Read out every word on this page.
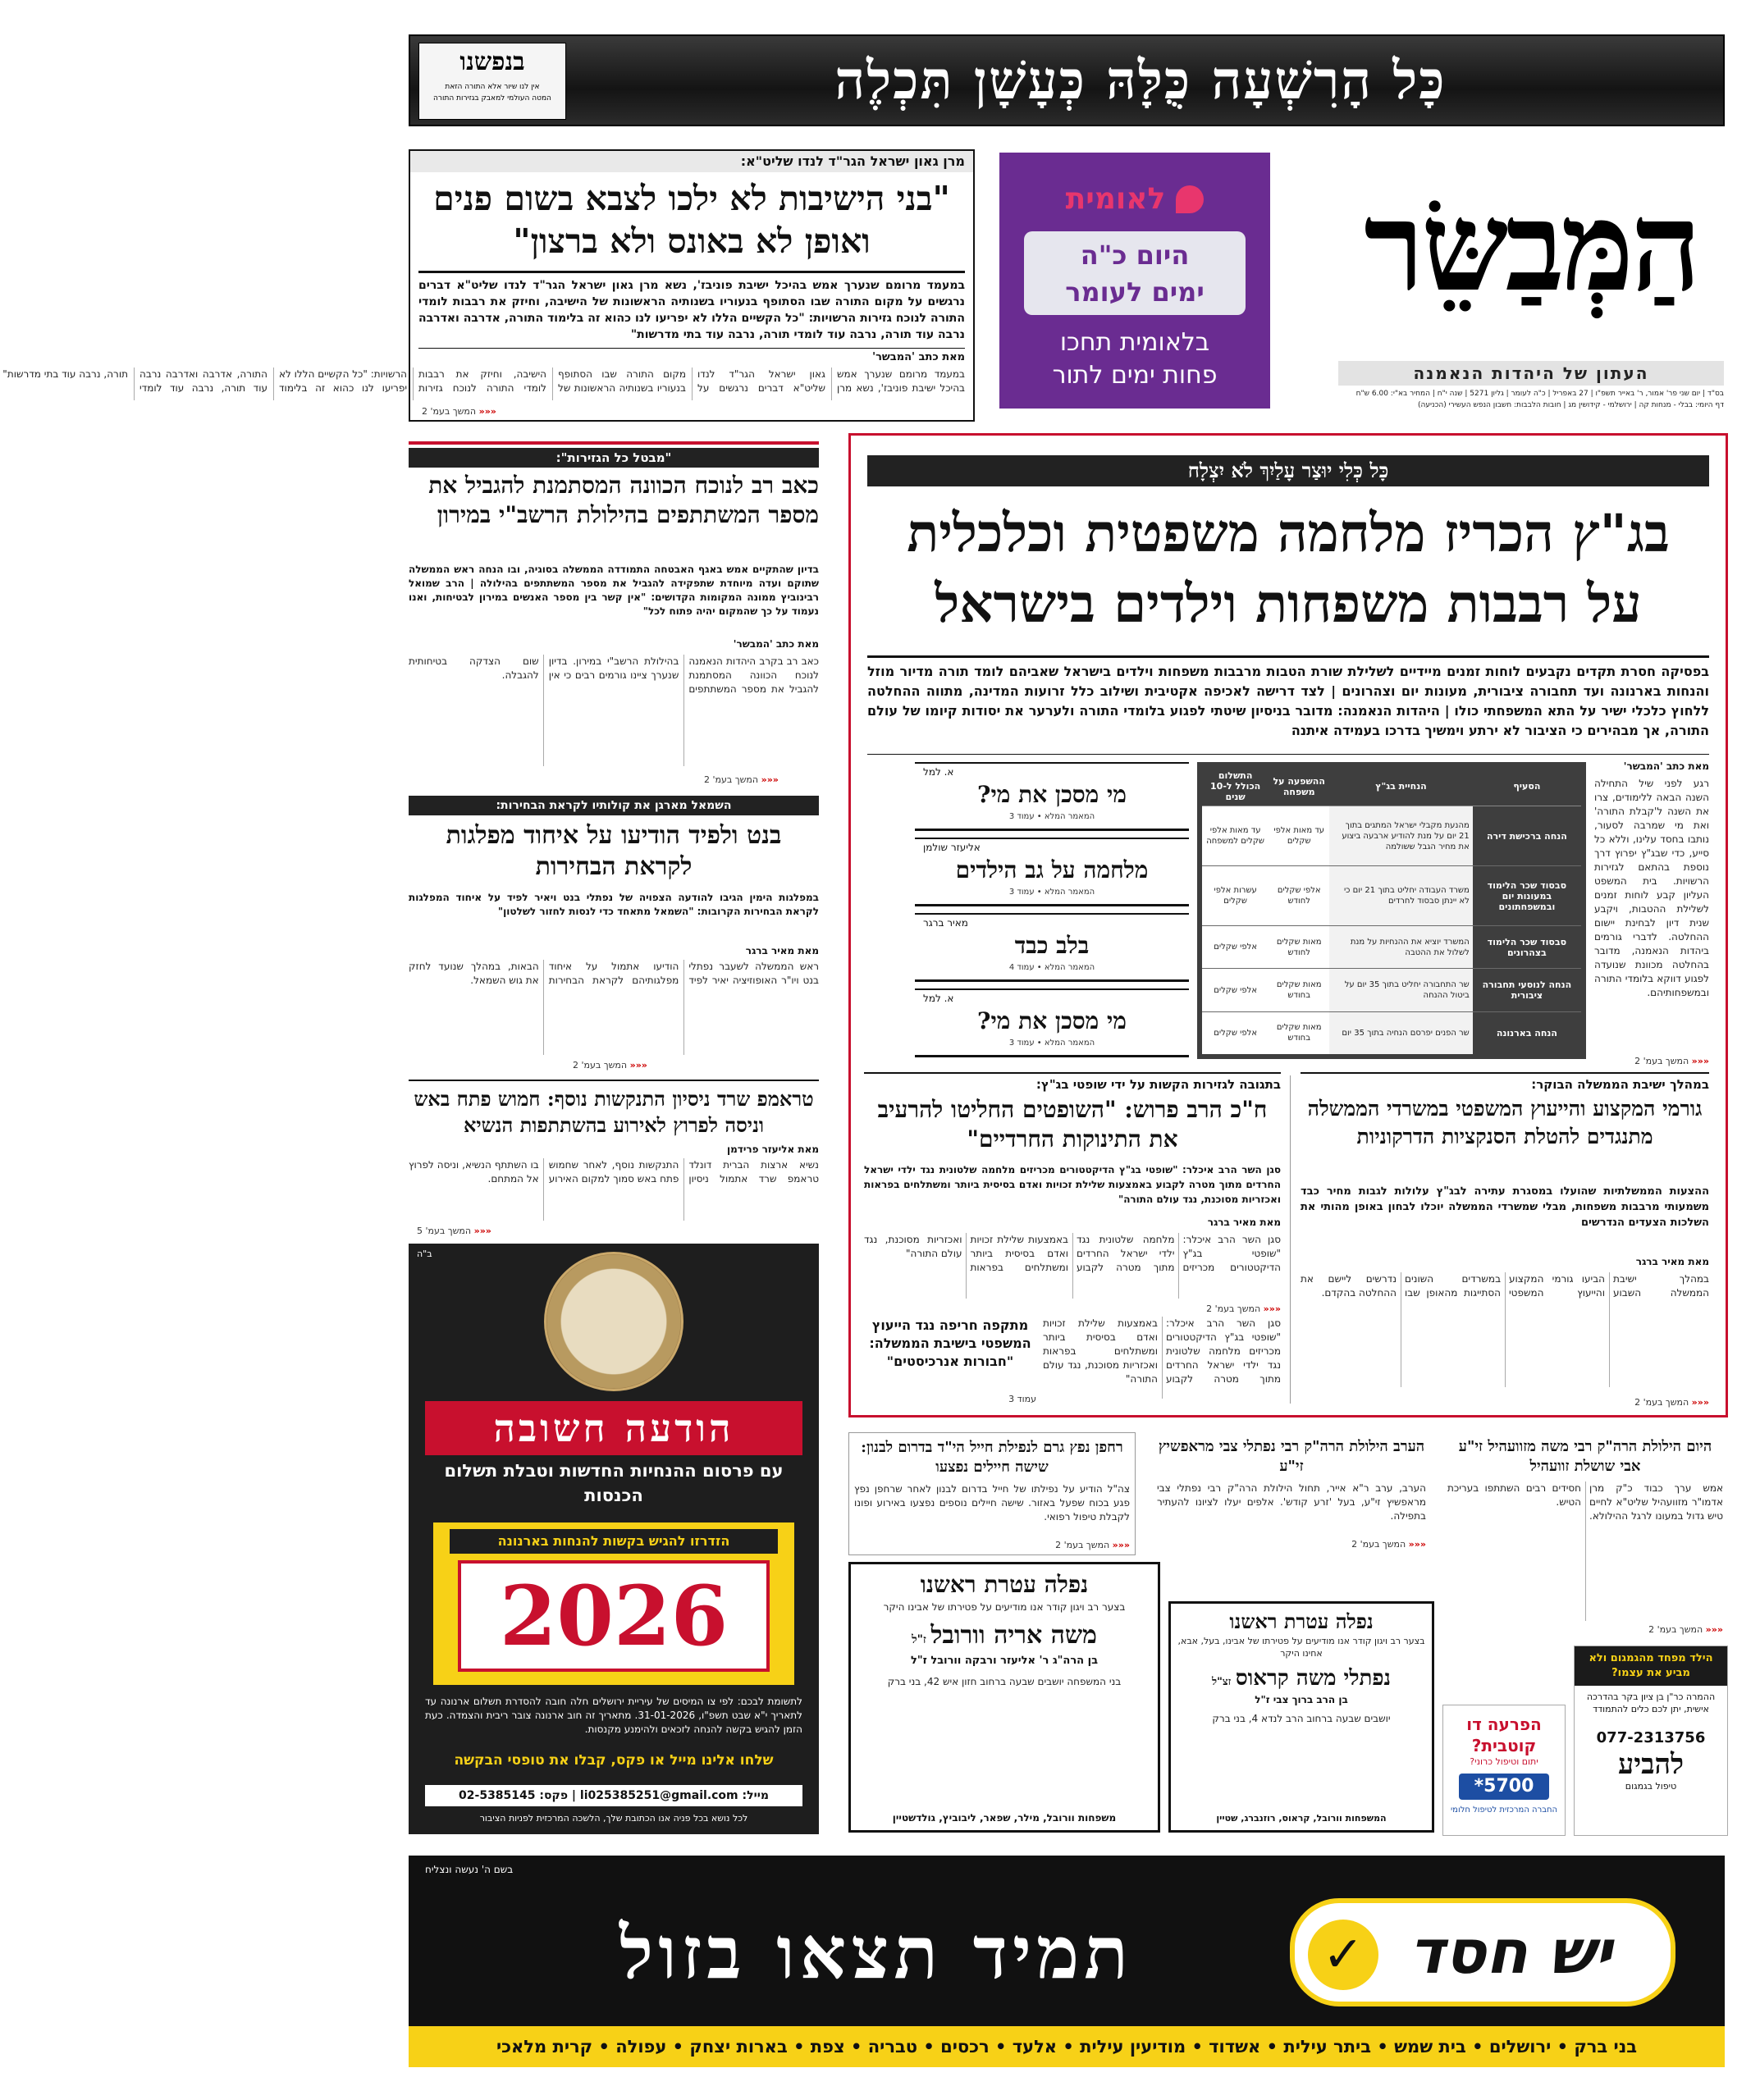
כָּל הָרִשְׁעָה כֻּלָּהּ כְּעָשָׁן תִּכְלֶה
בנפשנו
אין לנו שיור אלא התורה הזאת
המטה העולמי למאבק בגזירות התורה
הַמְּבַשֵּׂר
העתון של היהדות הנאמנה
בס"ד | יום שני פר' אמור, ר' באייר תשפ"ו | 27 באפריל | כ"ה לעומר | גליון 5271 | שנה י"ח | המחיר בא"י: 6.00 ש"ח
דף היומי: בבלי - מנחות קה | ירושלמי - קידושין מג | חובות הלבבות: חשבון הנפש העשירי (הכניעה)
לאומית
היום כ"ה
ימים לעומר
בלאומית תחכו
פחות ימים לתור
מרן גאון ישראל הגר"ד לנדו שליט"א:
"בני הישיבות לא ילכו לצבא בשום פנים ואופן לא באונס ולא ברצון"
במעמד מרומם שנערך אמש בהיכל ישיבת פוניבז', נשא מרן גאון ישראל הגר"ד לנדו שליט"א דברים נרגשים על מקום התורה שבו הסתופף בנעוריו בשנותיה הראשונות של הישיבה, וחיזק את רבבות לומדי התורה לנוכח גזירות הרשויות: "כל הקשיים הללו לא יפריעו לנו כהוא זה בלימוד התורה, אדרבה ואדרבה נרבה עוד תורה, נרבה עוד לומדי תורה, נרבה עוד בתי מדרשות"
מאת כתב 'המבשר'
במעמד מרומם שנערך אמש בהיכל ישיבת פוניבז', נשא מרן גאון ישראל הגר"ד לנדו שליט"א דברים נרגשים על מקום התורה שבו הסתופף בנעוריו בשנותיה הראשונות של הישיבה, וחיזק את רבבות לומדי התורה לנוכח גזירות הרשויות: "כל הקשיים הללו לא יפריעו לנו כהוא זה בלימוד התורה, אדרבה ואדרבה נרבה עוד תורה, נרבה עוד לומדי תורה, נרבה עוד בתי מדרשות"
««« המשך בעמ' 2
"מבטל כל הגזירות":
כאב רב לנוכח הכוונה המסתמנת להגביל את מספר המשתתפים בהילולת הרשב"י במירון
בדיון שהתקיים אמש באגף האבטחה התמודדה הממשלה בסוגיה, ובו הנחה ראש הממשלה שתוקם ועדה מיוחדת שתפקידה להגביל את מספר המשתתפים בהילולה | הרב שמואל רבינוביץ ממונה המקומות הקדושים: "אין קשר בין מספר האנשים במירון לבטיחות, ואנו נעמוד על כך שהמקום יהיה פתוח לכל"
מאת כתב 'המבשר'
כאב רב בקרב היהדות הנאמנה לנוכח הכוונה המסתמנת להגביל את מספר המשתתפים בהילולת הרשב"י במירון. בדיון שנערך ציינו גורמים רבים כי אין שום הצדקה בטיחותית להגבלה.
««« המשך בעמ' 2
השמאל מארגן את קולותיו לקראת הבחירות:
בנט ולפיד הודיעו על איחוד מפלגות לקראת הבחירות
במפלגות הימין הגיבו להודעה הצפויה של נפתלי בנט ויאיר לפיד על איחוד המפלגות לקראת הבחירות הקרובות: "השמאל מתאחד כדי לנסות לחזור לשלטון"
מאת מאיר ברגר
ראש הממשלה לשעבר נפתלי בנט ויו"ר האופוזיציה יאיר לפיד הודיעו אתמול על איחוד מפלגותיהם לקראת הבחירות הבאות, במהלך שנועד לחזק את גוש השמאל.
««« המשך בעמ' 2
טראמפ שרד ניסיון התנקשות נוסף: חמוש פתח באש וניסה לפרוץ לאירוע בהשתתפות הנשיא
מאת אליעזר פרידמן
נשיא ארצות הברית דונלד טראמפ שרד אתמול ניסיון התנקשות נוסף, לאחר שחמוש פתח באש סמוך למקום האירוע בו השתתף הנשיא, וניסה לפרוץ אל המתחם.
««« המשך בעמ' 5
ב"ה
הודעה חשובה
עם פרסום ההנחיות החדשות וטבלת תשלום הכנסות
הזדרזו להגיש בקשות להנחות בארנונה
2026
לתשומת לבכם: לפי צו המיסים של עיריית ירושלים חלה חובה להסדרת תשלום ארנונה עד לתאריך י"א שבט תשפ"ו, 31-01-2026. מתאריך זה חוב ארנונה צובר ריבית והצמדה. כעת הזמן להגיש בקשה להנחה לזכאים ולהימנע מקנסות.
שלחו אלינו מייל או פקס, קבלו את טופסי הבקשה
מייל: li025385251@gmail.com | פקס: 02-5385145
לכל נושא בכל פניה אנו הכתובת שלך, הלשכה המרכזית לפניות הציבור
כָּל כְּלִי יוּצַר עָלַיִךְ לֹא יִצְלָח
בג"ץ הכריז מלחמה משפטית וכלכלית
על רבבות משפחות וילדים בישראל
בפסיקה חסרת תקדים נקבעים לוחות זמנים מיידיים לשלילת שורת הטבות מרבבות משפחות וילדים בישראל שאביהם לומד תורה מדיור מוזל והנחות בארנונה ועד תחבורה ציבורית, מעונות יום וצהרונים | לצד דרישה לאכיפה אקטיבית ושילוב כלל זרועות המדינה, מתווה ההחלטה ללחוץ כלכלי ישיר על התא המשפחתי כולו | היהדות הנאמנה: מדובר בניסיון שיטתי לפגוע בלומדי התורה ולערער את יסודות קיומו של עולם התורה, אך מבהירים כי הציבור לא ירתע וימשיך בדרכו בעמידה איתנה
מאת כתב 'המבשר'
רגע לפני שיל התחילה השנה הבאה ללימודים, צרו את השנה ל'קבלת התורה' ואת מי שמרבה לסעור, נותבו בחסד עלינו, וללא כל סייע, כדי שבג"ץ יפרוץ דרך נוספת בהתאם לגזירות הרשויות. בית המשפט העליון קבע לוחות זמנים לשלילת ההטבות, ויקבע שנית דיון לבחינת יישום ההחלטה. לדברי גורמים ביהדות הנאמנה, מדובר בהחלטה מכוונת שנועדה לפגוע דווקא בלומדי התורה ובמשפחותיהם.
««« המשך בעמ' 2
הסעיף	הנחיית בג"ץ	ההשפעה על משפחה	התשלום הכולל ל-10 שנים
הנחה ברכישת דירה	מהנעת מקבלי ישראל המתגים בתוך 21 יום על מנת להודיע ארבעה ביצוע את מחיר הגבל ששולמה	עד מאות אלפי שקלים	עד מאות אלפי שקלים למשפחה
סבסוד שכר הלימוד במעונות יום ובמשפחתונים	משרד העבודה יחליט בתוך 21 יום כי לא יינתן סבסוד לחרדים	אלפי שקלים לחודש	עשרות אלפי שקלים
סבסוד שכר הלימוד בצהרונים	המשרד יוציא את ההנחיות על מנת לשלול את ההטבה	מאות שקלים לחודש	אלפי שקלים
הנחה לנוסעי תחבורה ציבורית	שר התחבורה יחליט בתוך 35 יום על ביטול ההנחה	מאות שקלים בחודש	אלפי שקלים
הנחה בארנונה	שר הפנים יפרסם הנחיה בתוך 35 יום	מאות שקלים בחודש	אלפי שקלים
א. למל
מי מסכן את מי?
המאמר המלא • עמוד 3
אליעזר שולמן
מלחמה על גב הילדים
המאמר המלא • עמוד 3
מאיר ברגר
בלב כבד
המאמר המלא • עמוד 4
א. למל
מי מסכן את מי?
המאמר המלא • עמוד 3
במהלך ישיבת הממשלה הבוקר:
גורמי המקצוע והייעוץ המשפטי במשרדי הממשלה מתנגדים להטלת הסנקציות הדרקוניות
ההצעות הממשלתיות שהועלו במסגרת עתירה לבג"ץ עלולות לגבות מחיר כבד משמעותי מרבבות משפחות, מבלי שמשרדי הממשלה יוכלו לבחון באופן מהותי את השלכות הצעדים הנדרשים
מאת מאיר ברגר
במהלך ישיבת הממשלה השבוע הביעו גורמי המקצוע והייעוץ המשפטי במשרדים השונים הסתייגות מהאופן שבו נדרשים ליישם את ההחלטה בהקדם.
««« המשך בעמ' 2
בתגובה לגזירות הקשות על ידי שופטי בג"ץ:
ח"כ הרב פרוש: "השופטים החליטו להרעיב את התינוקות החרדיים"
סגן השר הרב איכלר: "שופטי בג"ץ הדיקטטורים מכריזים מלחמה שלטונית נגד ילדי ישראל החרדים מתוך מטרה לקבוע באמצעות שלילת זכויות ואדם בסיסית ביותר ומשתלחים בפראות ואכזריות מסוכנת, נגד עולם התורה"
מאת מאיר ברגר
סגן השר הרב איכלר: "שופטי בג"ץ הדיקטטורים מכריזים מלחמה שלטונית נגד ילדי ישראל החרדים מתוך מטרה לקבוע באמצעות שלילת זכויות ואדם בסיסית ביותר ומשתלחים בפראות ואכזריות מסוכנת, נגד עולם התורה"
««« המשך בעמ' 2
מתקפה חריפה נגד הייעוץ המשפטי בישיבת הממשלה: "חבורות אנרכיסטים"
עמוד 3
סגן השר הרב איכלר: "שופטי בג"ץ הדיקטטורים מכריזים מלחמה שלטונית נגד ילדי ישראל החרדים מתוך מטרה לקבוע באמצעות שלילת זכויות ואדם בסיסית ביותר ומשתלחים בפראות ואכזריות מסוכנת, נגד עולם התורה"
רחפן נפץ גרם לנפילת חייל הי"ד בדרום לבנון: שישה חיילים נפצעו
צה"ל הודיע על נפילתו של חייל בדרום לבנון לאחר שרחפן נפץ פגע בכוח שפעל באזור. שישה חיילים נוספים נפצעו באירוע ופונו לקבלת טיפול רפואי.
««« המשך בעמ' 2
הערב הילולת הרה"ק רבי נפתלי צבי מראפשיץ זי"ע
הערב, ערב ר"א אייר, תחול הילולת הרה"ק רבי נפתלי צבי מראפשיץ זי"ע, בעל 'זרע קודש'. אלפים יעלו לציונו להעתיר בתפילה.
««« המשך בעמ' 2
היום הילולת הרה"ק רבי משה מזוועהיל זי"ע אבי שושלת זוועהיל
אמש ערך כבוד כ"ק מרן אדמו"ר מזוועהיל שליט"א לחיים טיש גדול במעונו לרגל ההילולא. חסידים רבים השתתפו בעריכת הטיש.
««« המשך בעמ' 2
נפלה עטרת ראשנו
בצער רב ויגון קודר אנו מודיעים על פטירתו של אבינו היקר
משה אריה וורובל ז"ל
בן הרה"ג ר' אליעזר ורבקה וורובל ז"ל
בני המשפחה יושבים שבעה ברחוב חזון איש 42, בני ברק
משפחות וורובל, מילר, שפאר, ליבוביץ, גולדשטיין
נפלה עטרת ראשנו
בצער רב ויגון קודר אנו מודיעים על פטירתו של אבינו, בעל, אבא, אחינו היקר
נפתלי משה קראוס זצ"ל
בן הרב ברוך צבי ז"ל
יושבים שבעה ברחוב הרב לנדא 4, בני ברק
המשפחות וורובל, קראוס, רוזנברג, שטיין
הפרעה דו קוטבית?
יתום וטיפול כרוני?
5700*
החברה המרכזית לטיפול חלומי
הילד מפחד מהגמגום ולא מביע את עצמו?
ההמרה כר"ן בן ציון בקר בהדרכה אישית, יתן לכם כלים להתמודד
077-2313756
להביע
טיפול בגמגום
בשם ה' נעשה ונצליח
יש חסד
✓
תמיד תצאו בזול
בני ברק • ירושלים • בית שמש • ביתר עילית • אשדוד • מודיעין עילית • אלעד • רכסים • טבריה • צפת • בארות יצחק • עפולה • קרית מלאכי
